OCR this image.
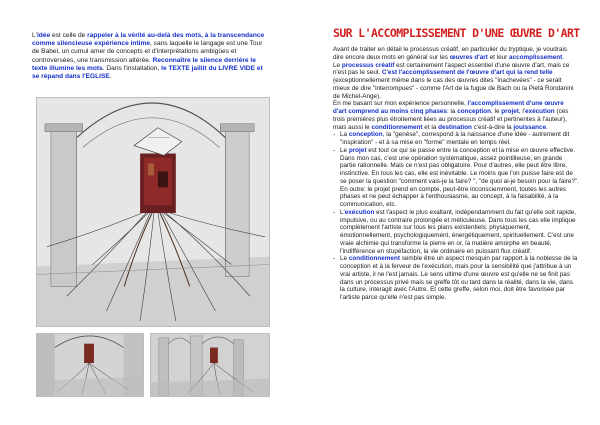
L'idée est celle de rappeler à la vérité au-delà des mots, à la transcendance comme silencieuse expérience intime, sans laquelle le langage est une Tour de Babel, un cumul amer de concepts et d'interprétations ambigües et controversées, une transmission altérée. Reconnaître le silence derrière le texte illumine les mots. Dans l'installation, le TEXTE jaillit du LIVRE VIDE et se répand dans l'EGLISE.
SUR L'ACCOMPLISSEMENT D'UNE ŒUVRE D'ART

Avant de traiter en détail le processus créatif, en particulier du tryptique, je voudrais dire encore deux mots en général sur les œuvres d'art et leur accomplissement.

Le processus créatif est certainement l'aspect essentiel d'une œuvre d'art, mais ce n'est pas le seul. C'est l'accomplissement de l'œuvre d'art qui la rend telle (exceptionnellement même dans le cas des œuvres dites "inachevées" - ce serait mieux de dire "interrompues" - comme l'Art de la fugue de Bach ou la Pietà Rondanini de Michel-Ange).

En me basant sur mon expérience personnelle, l'accomplissement d'une œuvre d'art comprend au moins cinq phases: la conception, le projet, l'exécution (ces trois premières plus étroitement liées au processus créatif et pertinentes à l'auteur), mais aussi le conditionnement et la destination c'est-à-dire la jouissance.

- La conception, la "genèse", correspond à la naissance d'une idée - autrement dit "inspiration" - et à sa mise en "forme" mentale en temps réel.
- Le projet est tout ce qui se passe entre la conception et la mise en œuvre effective. Dans mon cas, c'est une opération systématique, assez pointilleuse, en grande partie rationnelle. Mais ce n'est pas obligatoire. Pour d'autres, elle peut être libre, instinctive. En tous les cas, elle est inévitable. Le moins que l'on puisse faire est de se poser la question "comment vais-je la faire? ", "de quoi ai-je besoin pour la faire?". En outre: le projet prend en compte, peut-être inconsciemment, toutes les autres phases et ne peut échapper à l'enthousiasme, au concept, à la faisabilité, à la communication, etc.
- L'exécution est l'aspect le plus exaltant, indépendamment du fait qu'elle soit rapide, impulsive, ou au contraire prolongée et méticuleuse. Dans tous les cas elle implique complètement l'artiste sur tous les plans existentiels: physiquement, émotionnellement, psychologiquement, énergétiquement, spirituellement. C'est une vraie alchimie qui transforme la pierre en or, la matière amorphe en beauté, l'indifférence en stupéfaction, la vie ordinaire en puissant flux créatif.
- Le conditionnement semble être un aspect mesquin par rapport à la noblesse de la conception et à la ferveur de l'exécution, mais pour la sensibilité que j'attribue à un vrai artiste, il ne l'est jamais. Le sens ultime d'une œuvre est qu'elle ne se finit pas dans un processus privé mais se greffe tôt ou tard dans la réalité, dans la vie, dans la culture, interagit avec l'Autre. Et cette greffe, selon moi, doit être favorisée par l'artiste parce qu'elle n'est pas simple.
